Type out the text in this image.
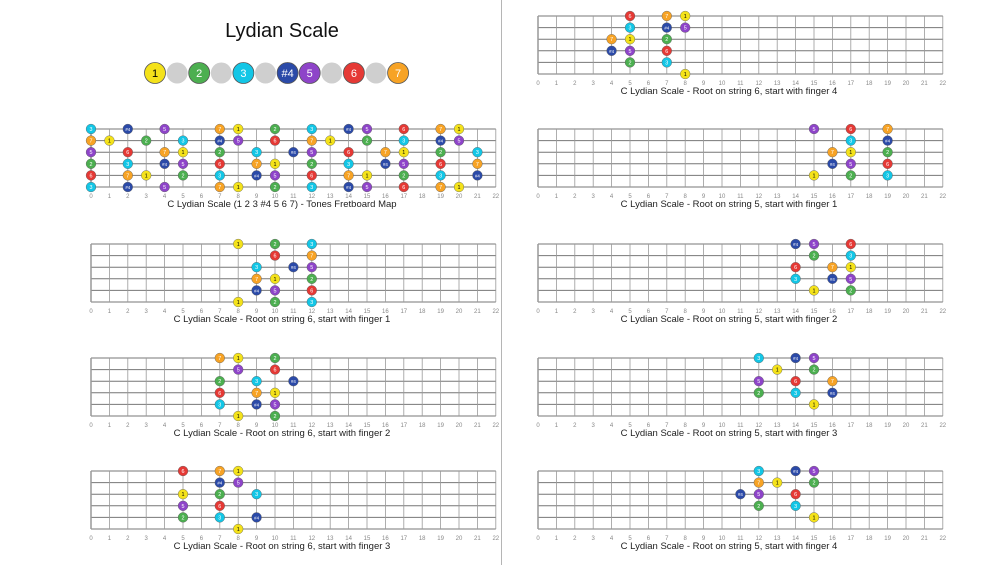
Lydian Scale
1	2	3	#4 5	6	7
0	1	2	3	4	5	6	7	8	9 10 11 12 13 14 15 16 17 18 19 20 21 22
3	#4	5	7	1	2	3	#4	5	6	7	1
7	1	2	3	#4	5	6	7	1	2	3	#4	5
5	6	7	1	2	3	#4	5	6	7	1	2	3
2	3	#4	5	6	7	1	2	3	#4	5	6	7
6	7	1	2	3	#4	5	6	7	1	2	3	#4
3	#4	5	7	1	2	3	#4	5	6	7	1
C Lydian Scale (1 2 3 #4 5 6 7) - Tones Fretboard Map
0	1	2	3	4	5	6	7	8	9 10 11 12 13 14 15 16 17 18 19 20 21 22
1	2	3
6	7
3	#4	5
7	1	2
#4	5	6
1	2	3
C Lydian Scale - Root on string 6, start with finger 1
0	1	2	3	4	5	6	7	8	9 10 11 12 13 14 15 16 17 18 19 20 21 22
7	1	2
5	6
2	3	#4
6	7	1
3	#4	5
1	2
C Lydian Scale - Root on string 6, start with finger 2
0	1	2	3	4	5	6	7	8	9 10 11 12 13 14 15 16 17 18 19 20 21 22
6	7	1
#4	5
1	2	3
5	6
2	3	#4
1
C Lydian Scale - Root on string 6, start with finger 3
0	1	2	3	4	5	6	7	8	9 10 11 12 13 14 15 16 17 18 19 20 21 22
6	7	1
3	#4	5
7	1	2
#4	5	6
2	3
1
C Lydian Scale - Root on string 6, start with finger 4
0	1	2	3	4	5	6	7	8	9 10 11 12 13 14 15 16 17 18 19 20 21 22
5	6	7
3	#4
7	1	2
#4	5	6
1	2	3
C Lydian Scale - Root on string 5, start with finger 1
0	1	2	3	4	5	6	7	8	9 10 11 12 13 14 15 16 17 18 19 20 21 22
#4	5	6
2	3
6	7	1
3	#4	5
1	2
C Lydian Scale - Root on string 5, start with finger 2
0	1	2	3	4	5	6	7	8	9 10 11 12 13 14 15 16 17 18 19 20 21 22
3	#4	5
1	2
5	6	7
2	3	#4
1
C Lydian Scale - Root on string 5, start with finger 3
0	1	2	3	4	5	6	7	8	9 10 11 12 13 14 15 16 17 18 19 20 21 22
3	#4	5
7	1	2
#4	5	6
2	3
1
C Lydian Scale - Root on string 5, start with finger 4
